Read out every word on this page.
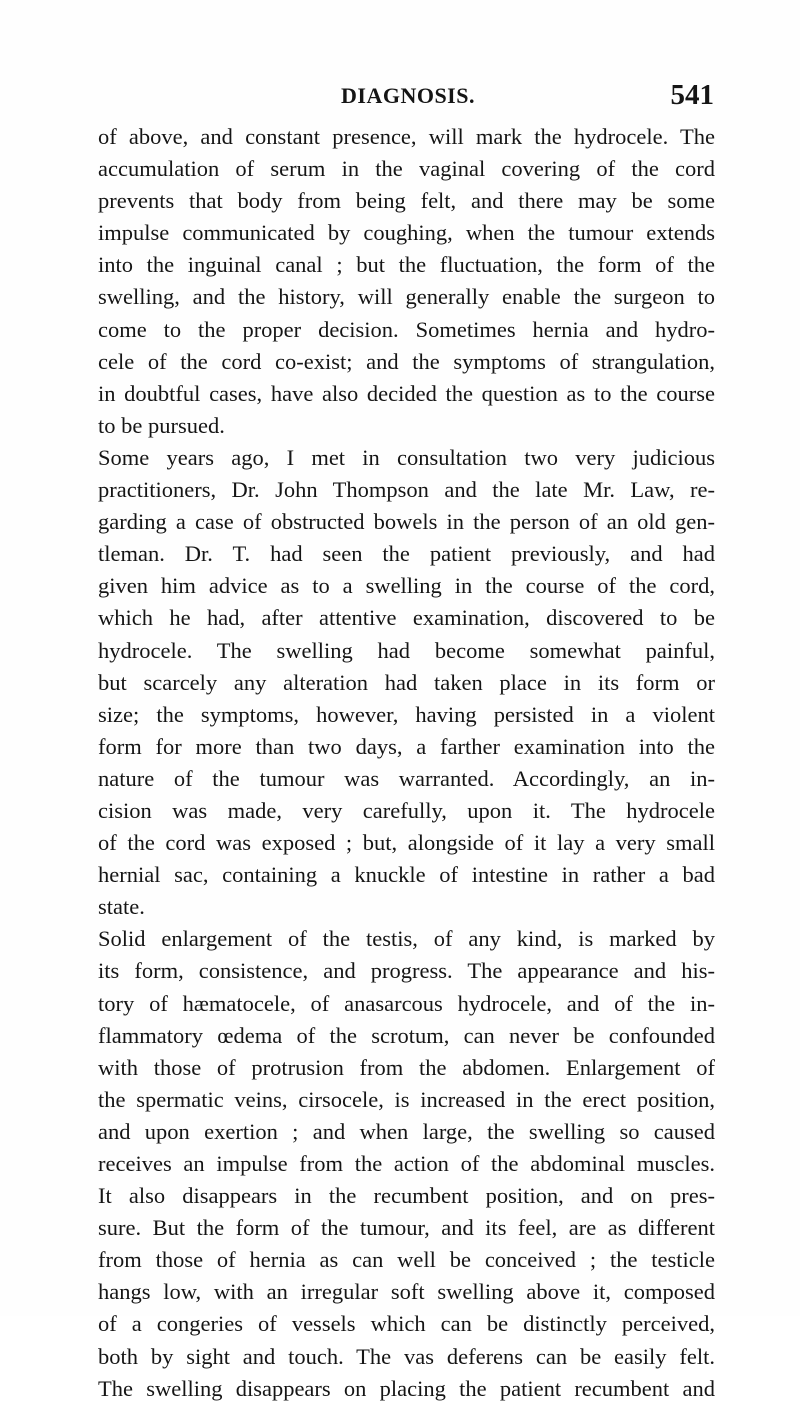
DIAGNOSIS.	541
of above, and constant presence, will mark the hydrocele. The
accumulation of serum in the vaginal covering of the cord
prevents that body from being felt, and there may be some
impulse communicated by coughing, when the tumour extends
into the inguinal canal ; but the fluctuation, the form of the
swelling, and the history, will generally enable the surgeon to
come to the proper decision. Sometimes hernia and hydro-
cele of the cord co-exist; and the symptoms of strangulation,
in doubtful cases, have also decided the question as to the course
to be pursued.
Some years ago, I met in consultation two very judicious
practitioners, Dr. John Thompson and the late Mr. Law, re-
garding a case of obstructed bowels in the person of an old gen-
tleman. Dr. T. had seen the patient previously, and had
given him advice as to a swelling in the course of the cord,
which he had, after attentive examination, discovered to be
hydrocele. The swelling had become somewhat painful,
but scarcely any alteration had taken place in its form or
size; the symptoms, however, having persisted in a violent
form for more than two days, a farther examination into the
nature of the tumour was warranted. Accordingly, an in-
cision was made, very carefully, upon it. The hydrocele
of the cord was exposed ; but, alongside of it lay a very small
hernial sac, containing a knuckle of intestine in rather a bad
state.
Solid enlargement of the testis, of any kind, is marked by
its form, consistence, and progress. The appearance and his-
tory of hæmatocele, of anasarcous hydrocele, and of the in-
flammatory œdema of the scrotum, can never be confounded
with those of protrusion from the abdomen. Enlargement of
the spermatic veins, cirsocele, is increased in the erect position,
and upon exertion ; and when large, the swelling so caused
receives an impulse from the action of the abdominal muscles.
It also disappears in the recumbent position, and on pres-
sure. But the form of the tumour, and its feel, are as different
from those of hernia as can well be conceived ; the testicle
hangs low, with an irregular soft swelling above it, composed
of a congeries of vessels which can be distinctly perceived,
both by sight and touch. The vas deferens can be easily felt.
The swelling disappears on placing the patient recumbent and
